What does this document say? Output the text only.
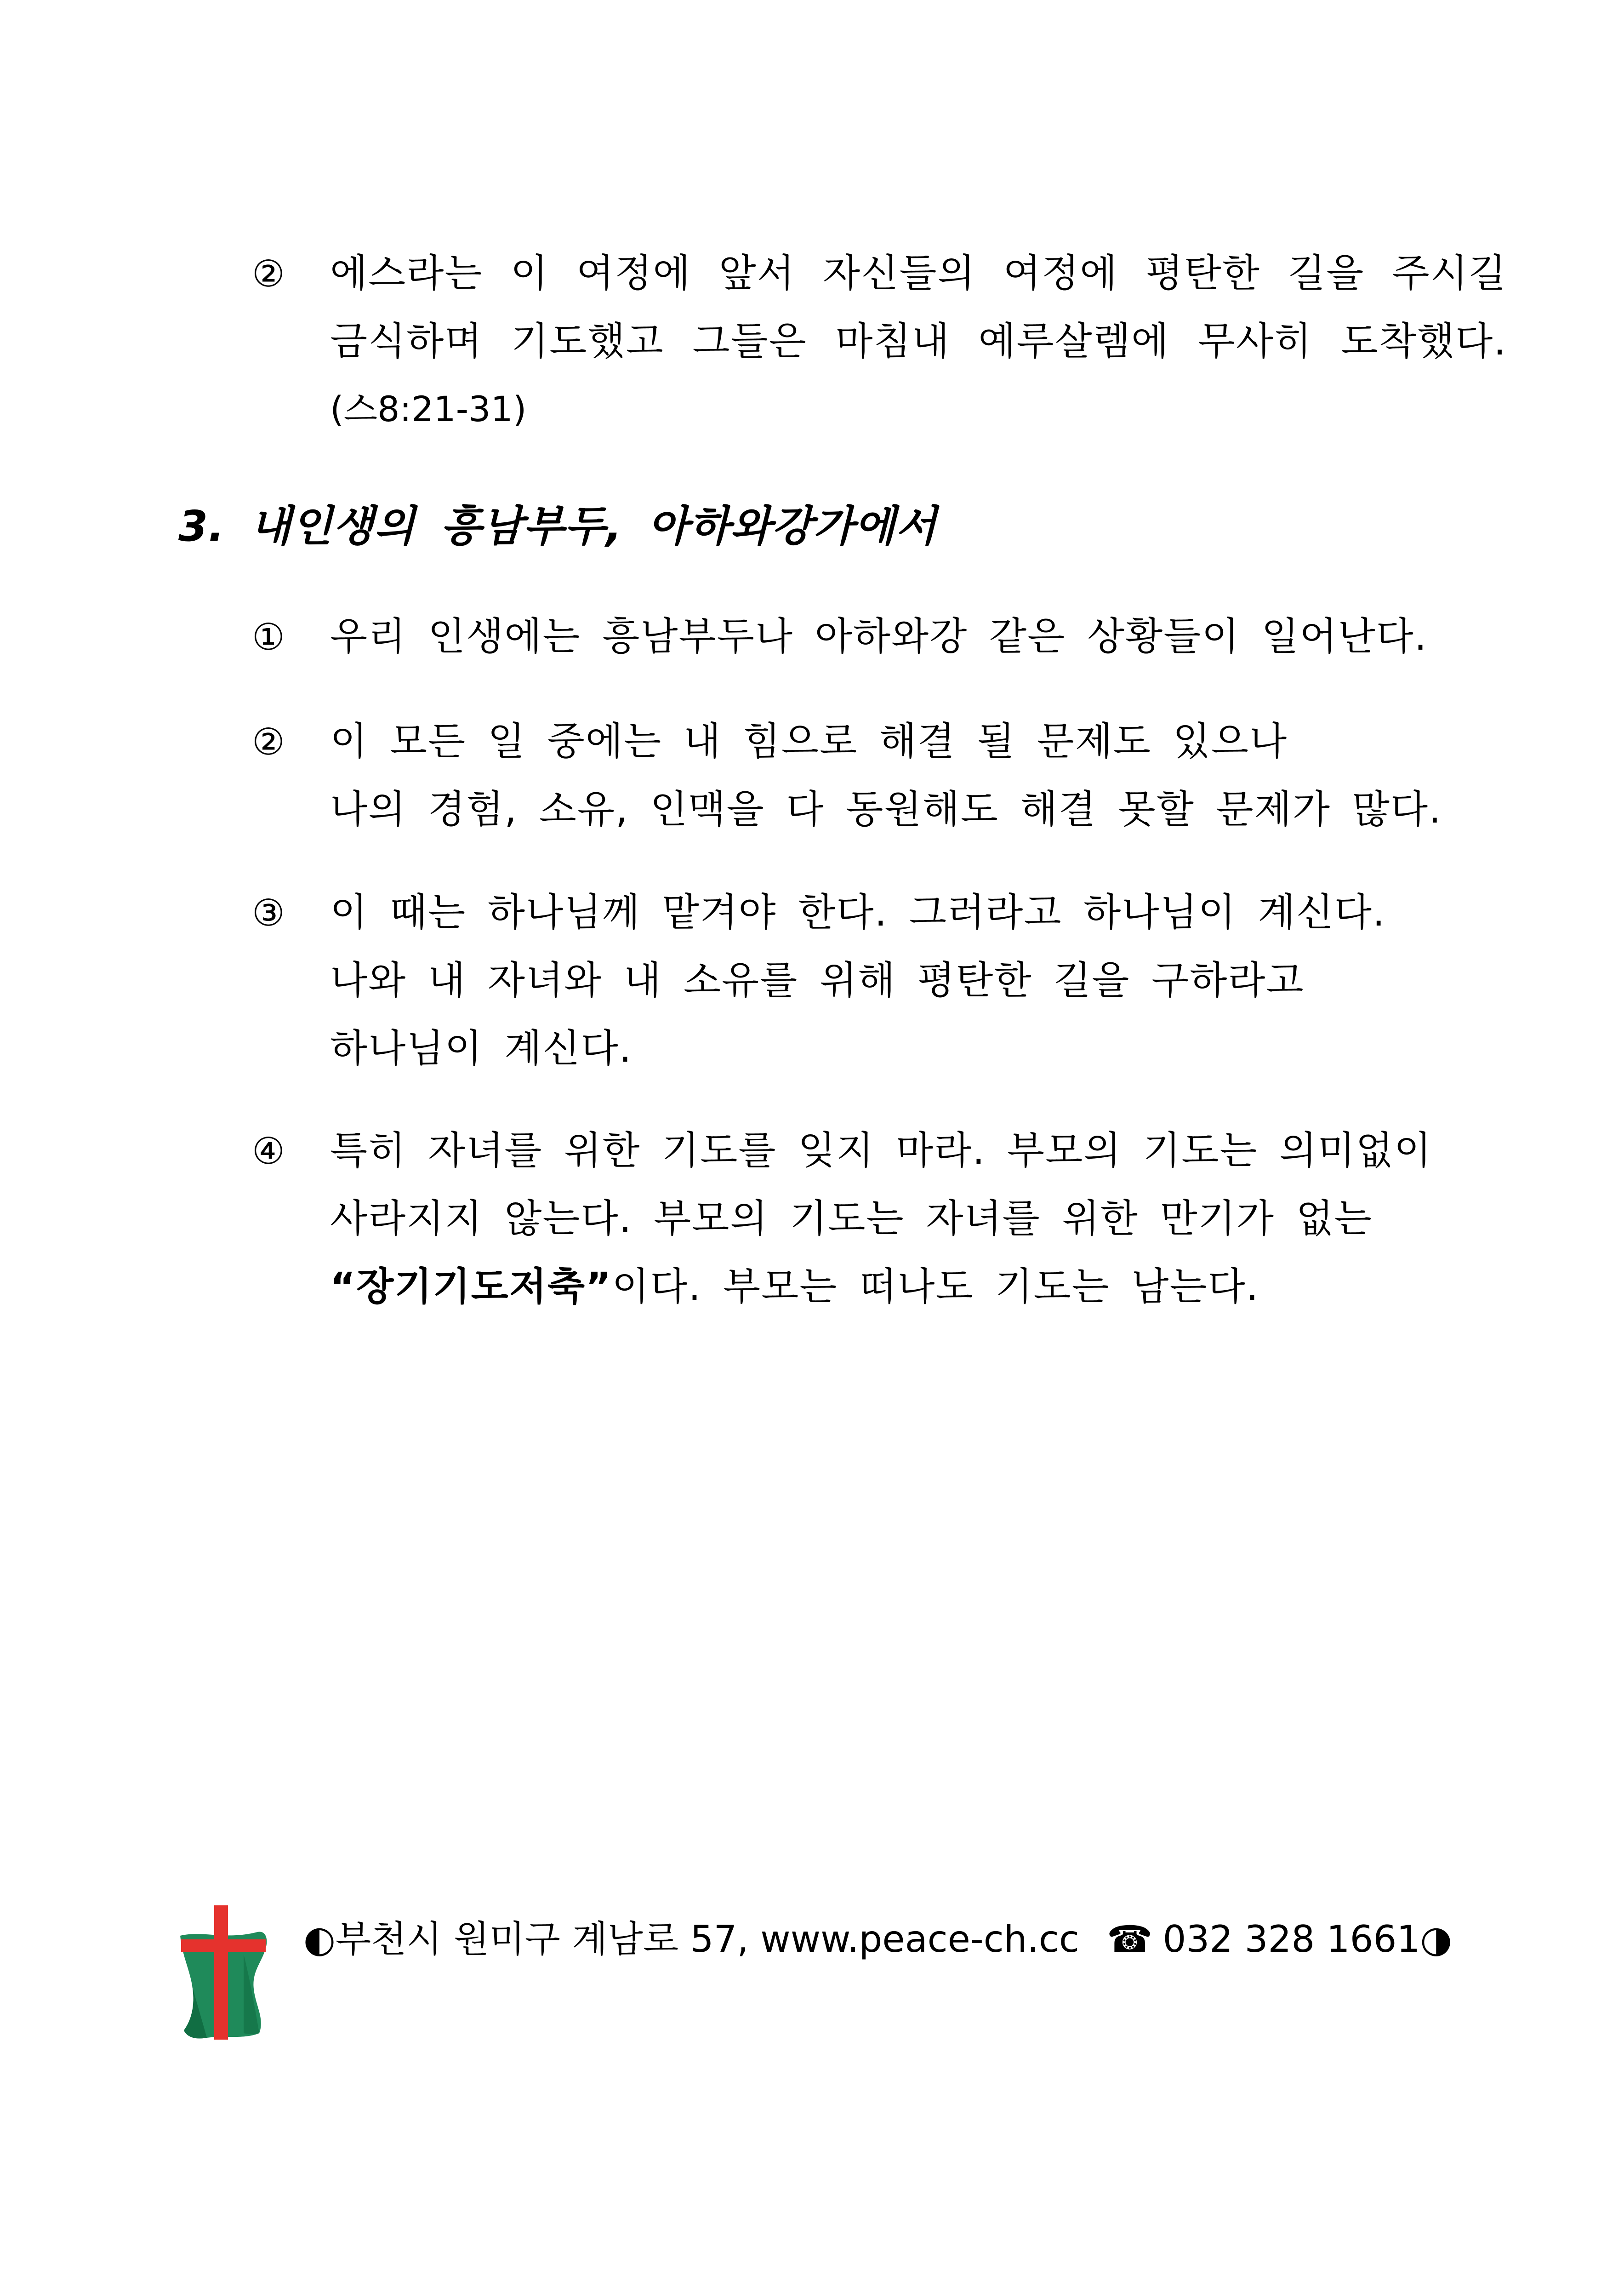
②	에스라는 이 여정에 앞서 자신들의 여정에 평탄한 길을 주시길
금식하며 기도했고 그들은 마침내 예루살렘에 무사히 도착했다.
(스8:21-31)
3. 내인생의 흥남부두, 아하와강가에서
①	우리 인생에는 흥남부두나 아하와강 같은 상황들이 일어난다.
②	이 모든 일 중에는 내 힘으로 해결 될 문제도 있으나
나의 경험, 소유, 인맥을 다 동원해도 해결 못할 문제가 많다.
③	이 때는 하나님께 맡겨야 한다. 그러라고 하나님이 계신다.
나와 내 자녀와 내 소유를 위해 평탄한 길을 구하라고
하나님이 계신다.
④	특히 자녀를 위한 기도를 잊지 마라. 부모의 기도는 의미없이
사라지지 않는다. 부모의 기도는 자녀를 위한 만기가 없는
“장기기도저축”이다. 부모는 떠나도 기도는 남는다.
◐부천시 원미구 계남로 57, www.peace-ch.cc ☎ 032 328 1661◑
